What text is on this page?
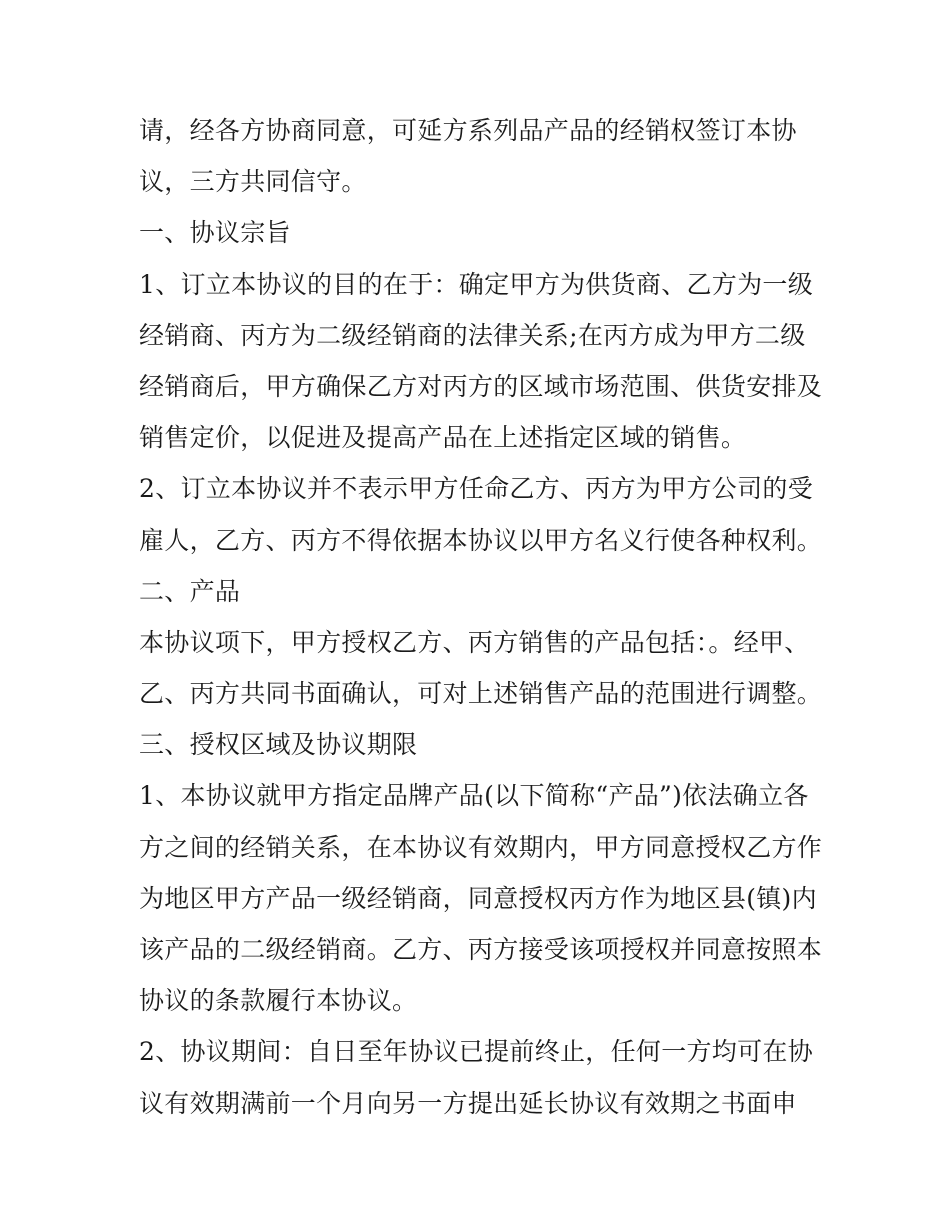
请，经各方协商同意，可延方系列品产品的经销权签订本协
议，三方共同信守。
一、协议宗旨
1、订立本协议的目的在于：确定甲方为供货商、乙方为一级
经销商、丙方为二级经销商的法律关系;在丙方成为甲方二级
经销商后，甲方确保乙方对丙方的区域市场范围、供货安排及
销售定价，以促进及提高产品在上述指定区域的销售。
2、订立本协议并不表示甲方任命乙方、丙方为甲方公司的受
雇人，乙方、丙方不得依据本协议以甲方名义行使各种权利。
二、产品
本协议项下，甲方授权乙方、丙方销售的产品包括：。经甲、
乙、丙方共同书面确认，可对上述销售产品的范围进行调整。
三、授权区域及协议期限
1、本协议就甲方指定品牌产品(以下简称“产品”)依法确立各
方之间的经销关系，在本协议有效期内，甲方同意授权乙方作
为地区甲方产品一级经销商，同意授权丙方作为地区县(镇)内
该产品的二级经销商。乙方、丙方接受该项授权并同意按照本
协议的条款履行本协议。
2、协议期间：自日至年协议已提前终止，任何一方均可在协
议有效期满前一个月向另一方提出延长协议有效期之书面申
